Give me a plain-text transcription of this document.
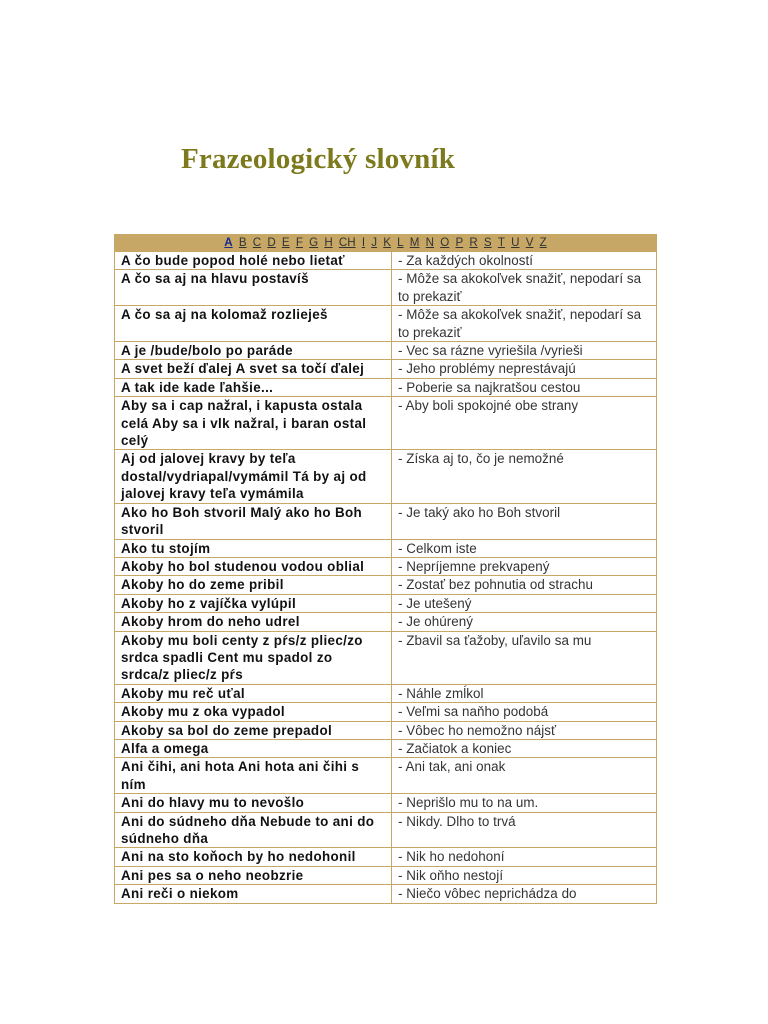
Frazeologický slovník
A B C D E F G H CH I J K L M N O P R S T U V Z	
A čo bude popod holé nebo lietať	- Za každých okolností
A čo sa aj na hlavu postavíš	- Môže sa akokoľvek snažiť, nepodarí sa to prekaziť
A čo sa aj na kolomaž rozlieješ	- Môže sa akokoľvek snažiť, nepodarí sa to prekaziť
A je /bude/bolo po paráde	- Vec sa rázne vyriešila /vyrieši
A svet beží ďalej A svet sa točí ďalej	- Jeho problémy neprestávajú
A tak ide kade ľahšie...	- Poberie sa najkratšou cestou
Aby sa i cap nažral, i kapusta ostala celá Aby sa i vlk nažral, i baran ostal celý	- Aby boli spokojné obe strany
Aj od jalovej kravy by teľa dostal/vydriapal/vymámil Tá by aj od jalovej kravy teľa vymámila	- Získa aj to, čo je nemožné
Ako ho Boh stvoril Malý ako ho Boh stvoril	- Je taký ako ho Boh stvoril
Ako tu stojím	- Celkom iste
Akoby ho bol studenou vodou oblial	- Nepríjemne prekvapený
Akoby ho do zeme pribil	- Zostať bez pohnutia od strachu
Akoby ho z vajíčka vylúpil	- Je utešený
Akoby hrom do neho udrel	- Je ohúrený
Akoby mu boli centy z pŕs/z pliec/zo srdca spadli Cent mu spadol zo srdca/z pliec/z pŕs	- Zbavil sa ťažoby, uľavilo sa mu
Akoby mu reč uťal	- Náhle zmĺkol
Akoby mu z oka vypadol	- Veľmi sa naňho podobá
Akoby sa bol do zeme prepadol	- Vôbec ho nemožno nájsť
Alfa a omega	- Začiatok a koniec
Ani čihi, ani hota Ani hota ani čihi s ním	- Ani tak, ani onak
Ani do hlavy mu to nevošlo	- Neprišlo mu to na um.
Ani do súdneho dňa Nebude to ani do súdneho dňa	- Nikdy. Dlho to trvá
Ani na sto koňoch by ho nedohonil	- Nik ho nedohoní
Ani pes sa o neho neobzrie	- Nik oňho nestojí
Ani reči o niekom	- Niečo vôbec neprichádza do
